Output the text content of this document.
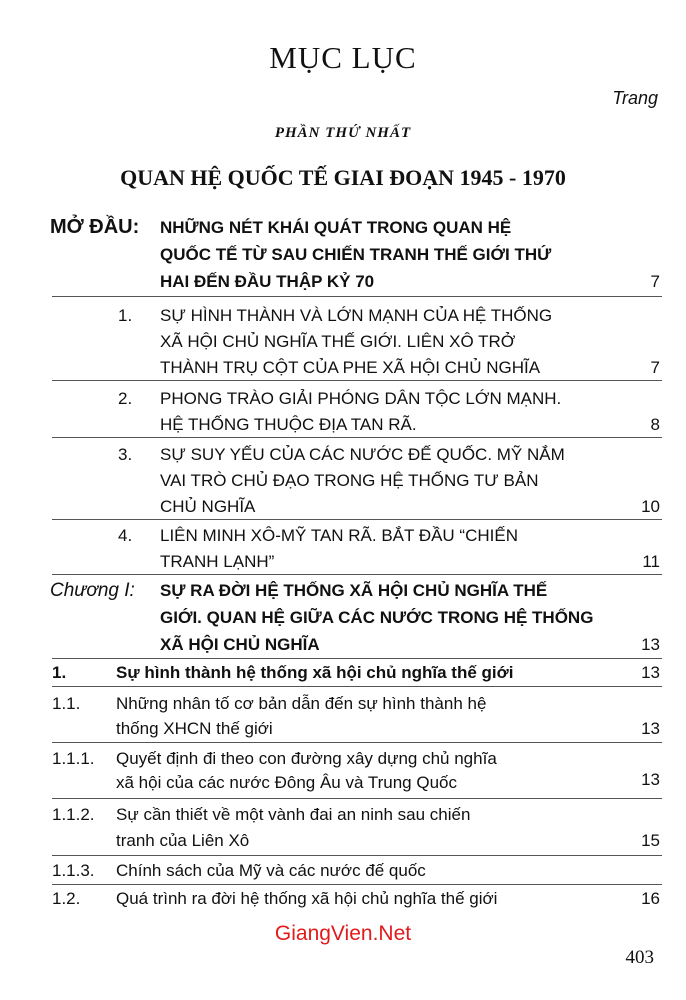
MỤC LỤC
Trang
PHẦN THỨ NHẤT
QUAN HỆ QUỐC TẾ GIAI ĐOẠN 1945 - 1970
MỞ ĐẦU: NHỮNG NÉT KHÁI QUÁT TRONG QUAN HỆ
QUỐC TẾ TỪ SAU CHIẾN TRANH THẾ GIỚI THỨ
HAI ĐẾN ĐẦU THẬP KỶ 70	7
1. SỰ HÌNH THÀNH VÀ LỚN MẠNH CỦA HỆ THỐNG
XÃ HỘI CHỦ NGHĨA THẾ GIỚI. LIÊN XÔ TRỞ
THÀNH TRỤ CỘT CỦA PHE XÃ HỘI CHỦ NGHĨA	7
2. PHONG TRÀO GIẢI PHÓNG DÂN TỘC LỚN MẠNH.
HỆ THỐNG THUỘC ĐỊA TAN RÃ.	8
3. SỰ SUY YẾU CỦA CÁC NƯỚC ĐẾ QUỐC. MỸ NẮM
VAI TRÒ CHỦ ĐẠO TRONG HỆ THỐNG TƯ BẢN
CHỦ NGHĨA	10
4. LIÊN MINH XÔ-MỸ TAN RÃ. BẮT ĐẦU “CHIẾN
TRANH LẠNH”	11
Chương I: SỰ RA ĐỜI HỆ THỐNG XÃ HỘI CHỦ NGHĨA THẾ
GIỚI. QUAN HỆ GIỮA CÁC NƯỚC TRONG HỆ THỐNG
XÃ HỘI CHỦ NGHĨA	13
1.	Sự hình thành hệ thống xã hội chủ nghĩa thế giới	13
1.1. Những nhân tố cơ bản dẫn đến sự hình thành hệ
thống XHCN thế giới	13
1.1.1. Quyết định đi theo con đường xây dựng chủ nghĩa
xã hội của các nước Đông Âu và Trung Quốc	13
1.1.2. Sự cần thiết về một vành đai an ninh sau chiến
tranh của Liên Xô	15
1.1.3. Chính sách của Mỹ và các nước đế quốc
1.2. Quá trình ra đời hệ thống xã hội chủ nghĩa thế giới	16
GiangVien.Net
403
